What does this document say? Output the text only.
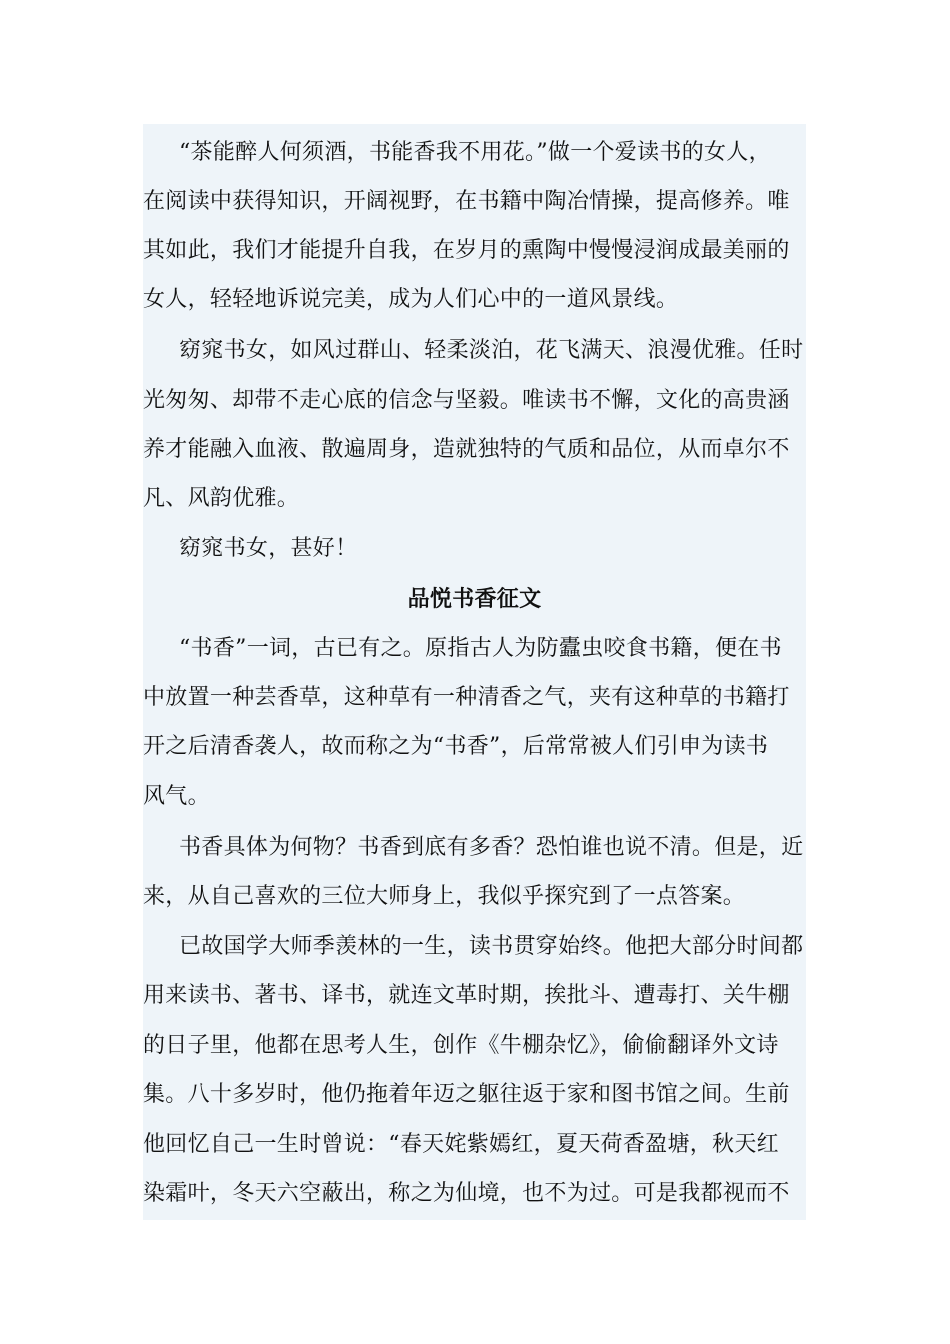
“茶能醉人何须酒，书能香我不用花。”做一个爱读书的女人，
在阅读中获得知识，开阔视野，在书籍中陶冶情操，提高修养。唯
其如此，我们才能提升自我，在岁月的熏陶中慢慢浸润成最美丽的
女人，轻轻地诉说完美，成为人们心中的一道风景线。
窈窕书女，如风过群山、轻柔淡泊，花飞满天、浪漫优雅。任时
光匆匆、却带不走心底的信念与坚毅。唯读书不懈，文化的高贵涵
养才能融入血液、散遍周身，造就独特的气质和品位，从而卓尔不
凡、风韵优雅。
窈窕书女，甚好！
品悦书香征文
“书香”一词，古已有之。原指古人为防蠹虫咬食书籍，便在书
中放置一种芸香草，这种草有一种清香之气，夹有这种草的书籍打
开之后清香袭人，故而称之为“书香”，后常常被人们引申为读书
风气。
书香具体为何物？书香到底有多香？恐怕谁也说不清。但是，近
来，从自己喜欢的三位大师身上，我似乎探究到了一点答案。
已故国学大师季羡林的一生，读书贯穿始终。他把大部分时间都
用来读书、著书、译书，就连文革时期，挨批斗、遭毒打、关牛棚
的日子里，他都在思考人生，创作《牛棚杂忆》，偷偷翻译外文诗
集。八十多岁时，他仍拖着年迈之躯往返于家和图书馆之间。生前
他回忆自己一生时曾说：“春天姹紫嫣红，夏天荷香盈塘，秋天红
染霜叶，冬天六空蔽出，称之为仙境，也不为过。可是我都视而不
